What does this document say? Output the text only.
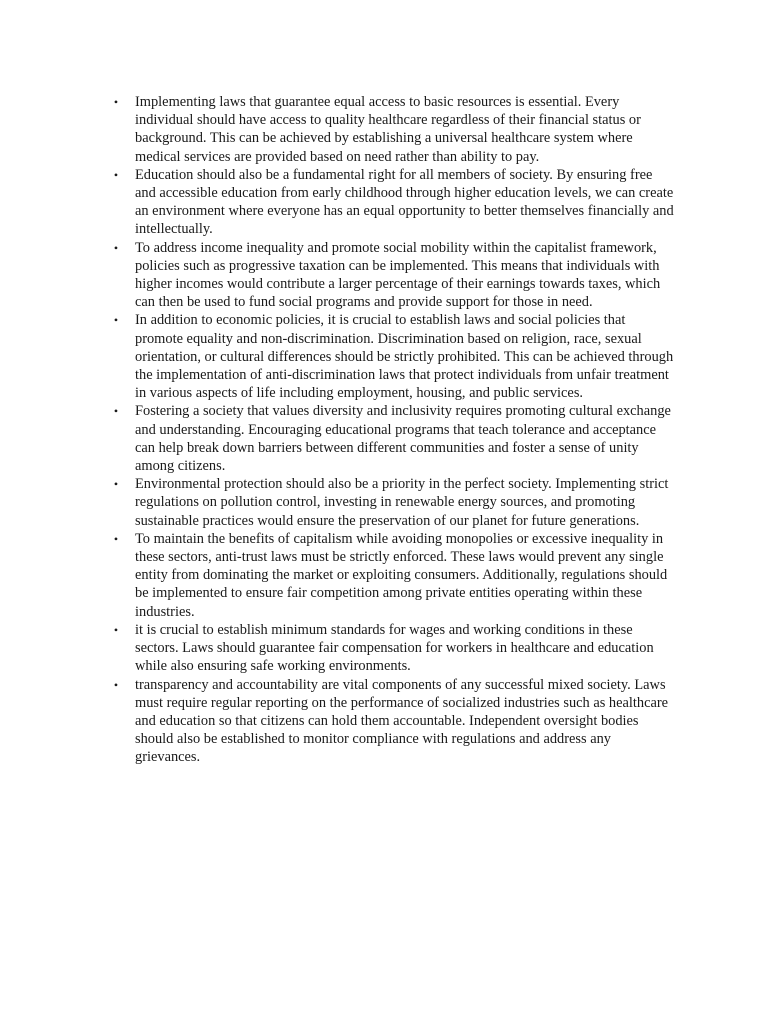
• Implementing laws that guarantee equal access to basic resources is essential. Every individual should have access to quality healthcare regardless of their financial status or background. This can be achieved by establishing a universal healthcare system where medical services are provided based on need rather than ability to pay.
• Education should also be a fundamental right for all members of society. By ensuring free and accessible education from early childhood through higher education levels, we can create an environment where everyone has an equal opportunity to better themselves financially and intellectually.
• To address income inequality and promote social mobility within the capitalist framework, policies such as progressive taxation can be implemented. This means that individuals with higher incomes would contribute a larger percentage of their earnings towards taxes, which can then be used to fund social programs and provide support for those in need.
• In addition to economic policies, it is crucial to establish laws and social policies that promote equality and non-discrimination. Discrimination based on religion, race, sexual orientation, or cultural differences should be strictly prohibited. This can be achieved through the implementation of anti-discrimination laws that protect individuals from unfair treatment in various aspects of life including employment, housing, and public services.
• Fostering a society that values diversity and inclusivity requires promoting cultural exchange and understanding. Encouraging educational programs that teach tolerance and acceptance can help break down barriers between different communities and foster a sense of unity among citizens.
• Environmental protection should also be a priority in the perfect society. Implementing strict regulations on pollution control, investing in renewable energy sources, and promoting sustainable practices would ensure the preservation of our planet for future generations.
• To maintain the benefits of capitalism while avoiding monopolies or excessive inequality in these sectors, anti-trust laws must be strictly enforced. These laws would prevent any single entity from dominating the market or exploiting consumers. Additionally, regulations should be implemented to ensure fair competition among private entities operating within these industries.
• it is crucial to establish minimum standards for wages and working conditions in these sectors. Laws should guarantee fair compensation for workers in healthcare and education while also ensuring safe working environments.
• transparency and accountability are vital components of any successful mixed society. Laws must require regular reporting on the performance of socialized industries such as healthcare and education so that citizens can hold them accountable. Independent oversight bodies should also be established to monitor compliance with regulations and address any grievances.
